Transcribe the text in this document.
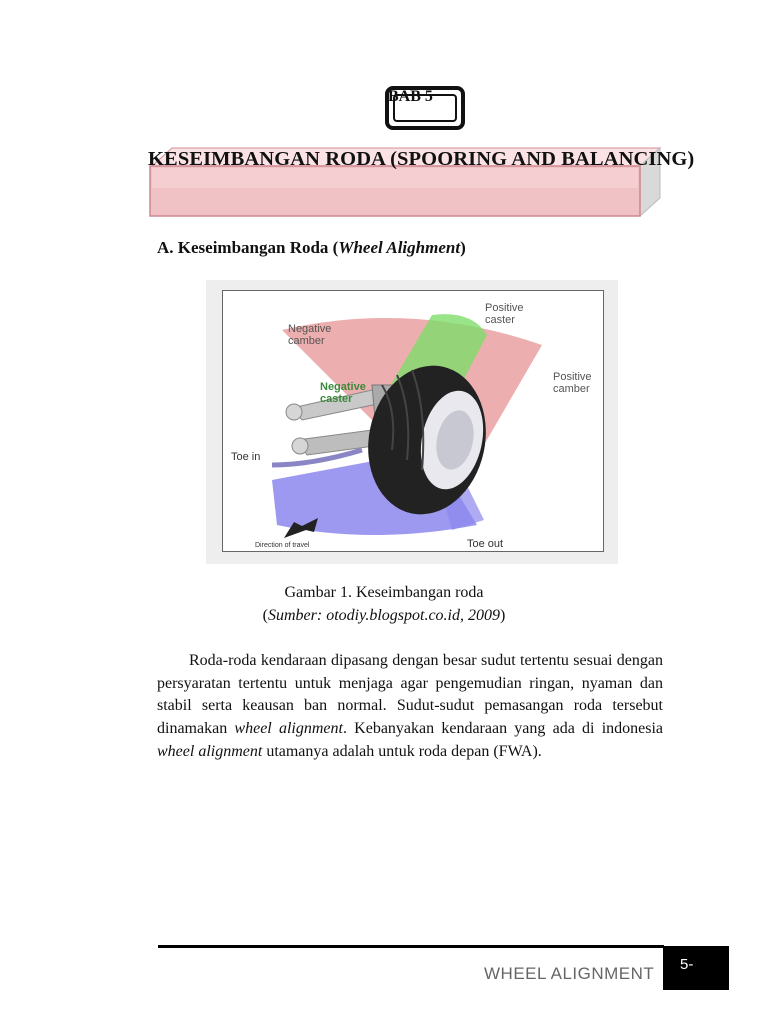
BAB 5
KESEIMBANGAN RODA (SPOORING AND BALANCING)
A. Keseimbangan Roda (Wheel Alighment)
Positive
caster
Negative
camber
Negative
caster
Positive
camber
Toe in
Toe out
Direction of travel
Gambar 1. Keseimbangan roda
(Sumber: otodiy.blogspot.co.id, 2009)
Roda-roda kendaraan dipasang dengan besar sudut tertentu sesuai dengan persyaratan tertentu untuk menjaga agar pengemudian ringan, nyaman dan stabil serta keausan ban normal. Sudut-sudut pemasangan roda tersebut dinamakan wheel alignment. Kebanyakan kendaraan yang ada di indonesia wheel alignment utamanya adalah untuk roda depan (FWA).
WHEEL ALIGNMENT 5-
